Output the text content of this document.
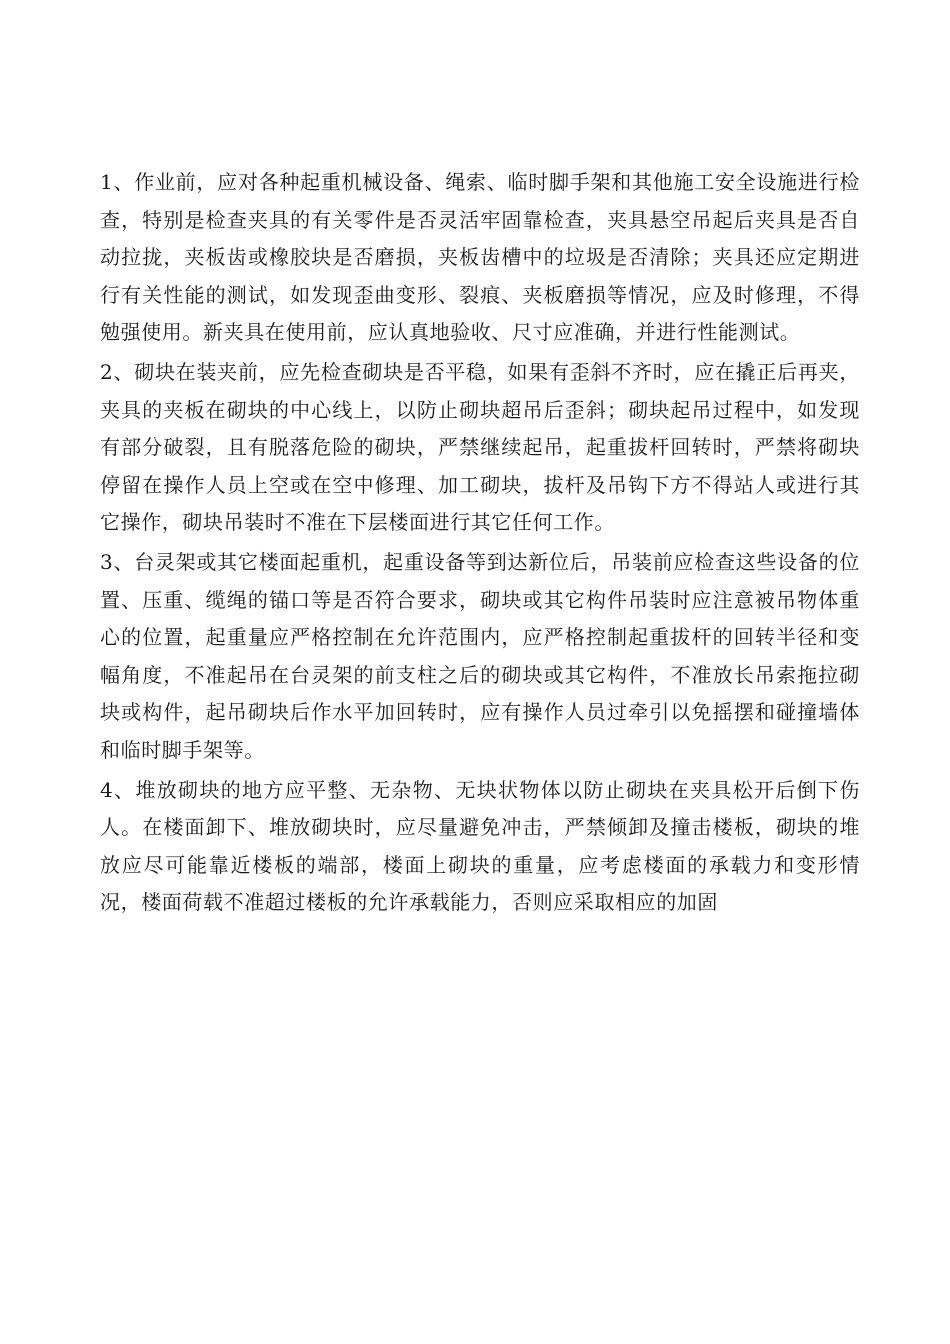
1、作业前，应对各种起重机械设备、绳索、临时脚手架和其他施工安全设施进行检查，特别是检查夹具的有关零件是否灵活牢固靠检查，夹具悬空吊起后夹具是否自动拉拢，夹板齿或橡胶块是否磨损，夹板齿槽中的垃圾是否清除；夹具还应定期进行有关性能的测试，如发现歪曲变形、裂痕、夹板磨损等情况，应及时修理，不得勉强使用。新夹具在使用前，应认真地验收、尺寸应准确，并进行性能测试。

2、砌块在装夹前，应先检查砌块是否平稳，如果有歪斜不齐时，应在撬正后再夹，夹具的夹板在砌块的中心线上，以防止砌块超吊后歪斜；砌块起吊过程中，如发现有部分破裂，且有脱落危险的砌块，严禁继续起吊，起重拔杆回转时，严禁将砌块停留在操作人员上空或在空中修理、加工砌块，拔杆及吊钩下方不得站人或进行其它操作，砌块吊装时不准在下层楼面进行其它任何工作。

3、台灵架或其它楼面起重机，起重设备等到达新位后，吊装前应检查这些设备的位置、压重、缆绳的锚口等是否符合要求，砌块或其它构件吊装时应注意被吊物体重心的位置，起重量应严格控制在允许范围内，应严格控制起重拔杆的回转半径和变幅角度，不准起吊在台灵架的前支柱之后的砌块或其它构件，不准放长吊索拖拉砌块或构件，起吊砌块后作水平加回转时，应有操作人员过牵引以免摇摆和碰撞墙体和临时脚手架等。

4、堆放砌块的地方应平整、无杂物、无块状物体以防止砌块在夹具松开后倒下伤人。在楼面卸下、堆放砌块时，应尽量避免冲击，严禁倾卸及撞击楼板，砌块的堆放应尽可能靠近楼板的端部，楼面上砌块的重量，应考虑楼面的承载力和变形情况，楼面荷载不准超过楼板的允许承载能力，否则应采取相应的加固
